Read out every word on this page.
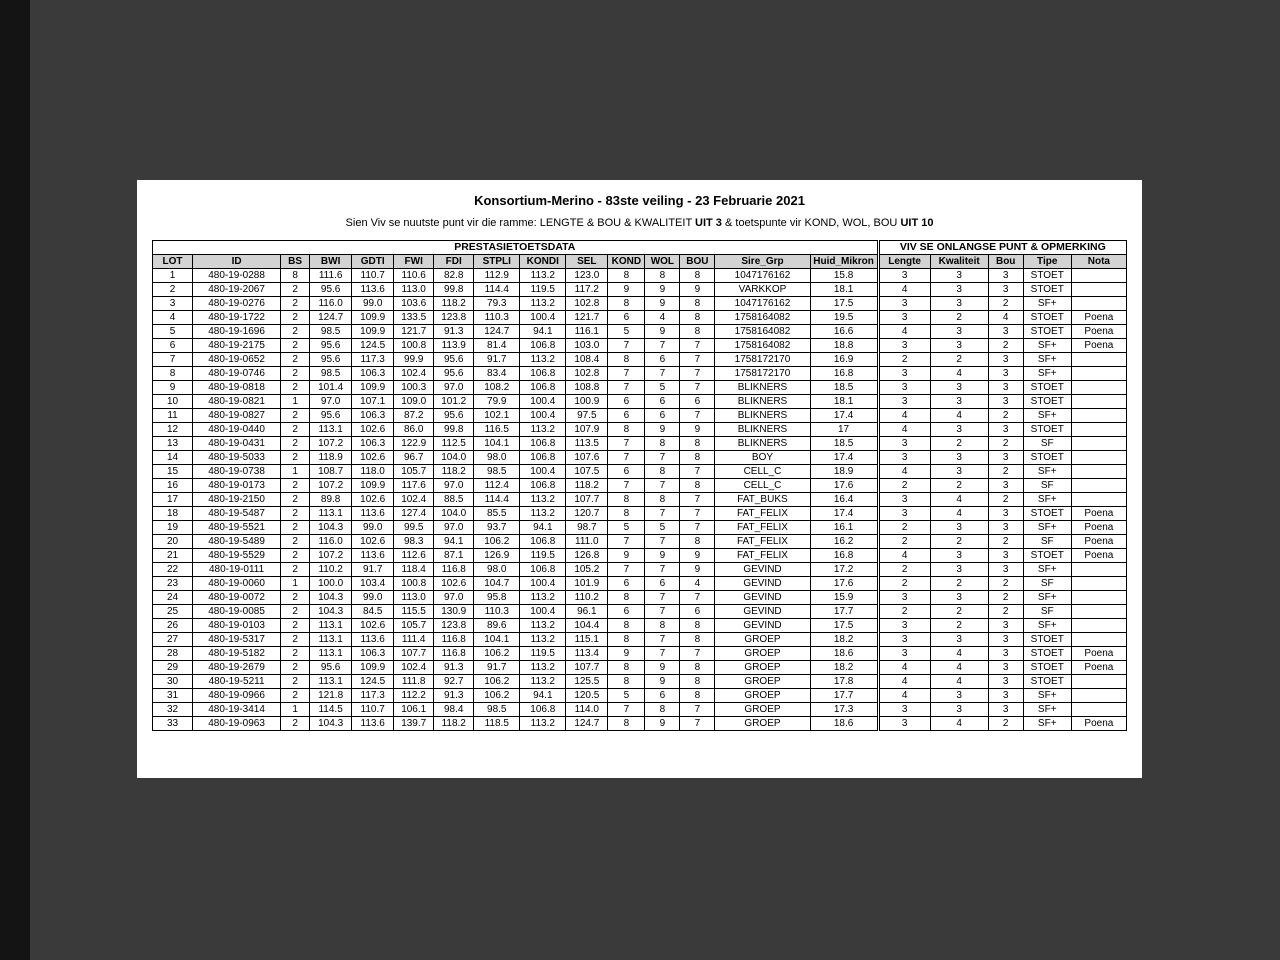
Konsortium-Merino - 83ste veiling - 23 Februarie 2021
Sien Viv se nuutste punt vir die ramme: LENGTE & BOU & KWALITEIT UIT 3 & toetspunte vir KOND, WOL, BOU UIT 10
PRESTASIETOETSDATA															VIV SE ONLANGSE PUNT & OPMERKING				
LOT	ID	BS	BWI	GDTI	FWI	FDI	STPLI	KONDI	SEL	KOND	WOL	BOU	Sire_Grp	Huid_Mikron	Lengte	Kwaliteit	Bou	Tipe	Nota
1	480-19-0288	8	111.6	110.7	110.6	82.8	112.9	113.2	123.0	8	8	8	1047176162	15.8	3	3	3	STOET	
2	480-19-2067	2	95.6	113.6	113.0	99.8	114.4	119.5	117.2	9	9	9	VARKKOP	18.1	4	3	3	STOET	
3	480-19-0276	2	116.0	99.0	103.6	118.2	79.3	113.2	102.8	8	9	8	1047176162	17.5	3	3	2	SF+	
4	480-19-1722	2	124.7	109.9	133.5	123.8	110.3	100.4	121.7	6	4	8	1758164082	19.5	3	2	4	STOET	Poena
5	480-19-1696	2	98.5	109.9	121.7	91.3	124.7	94.1	116.1	5	9	8	1758164082	16.6	4	3	3	STOET	Poena
6	480-19-2175	2	95.6	124.5	100.8	113.9	81.4	106.8	103.0	7	7	7	1758164082	18.8	3	3	2	SF+	Poena
7	480-19-0652	2	95.6	117.3	99.9	95.6	91.7	113.2	108.4	8	6	7	1758172170	16.9	2	2	3	SF+	
8	480-19-0746	2	98.5	106.3	102.4	95.6	83.4	106.8	102.8	7	7	7	1758172170	16.8	3	4	3	SF+	
9	480-19-0818	2	101.4	109.9	100.3	97.0	108.2	106.8	108.8	7	5	7	BLIKNERS	18.5	3	3	3	STOET	
10	480-19-0821	1	97.0	107.1	109.0	101.2	79.9	100.4	100.9	6	6	6	BLIKNERS	18.1	3	3	3	STOET	
11	480-19-0827	2	95.6	106.3	87.2	95.6	102.1	100.4	97.5	6	6	7	BLIKNERS	17.4	4	4	2	SF+	
12	480-19-0440	2	113.1	102.6	86.0	99.8	116.5	113.2	107.9	8	9	9	BLIKNERS	17	4	3	3	STOET	
13	480-19-0431	2	107.2	106.3	122.9	112.5	104.1	106.8	113.5	7	8	8	BLIKNERS	18.5	3	2	2	SF	
14	480-19-5033	2	118.9	102.6	96.7	104.0	98.0	106.8	107.6	7	7	8	BOY	17.4	3	3	3	STOET	
15	480-19-0738	1	108.7	118.0	105.7	118.2	98.5	100.4	107.5	6	8	7	CELL_C	18.9	4	3	2	SF+	
16	480-19-0173	2	107.2	109.9	117.6	97.0	112.4	106.8	118.2	7	7	8	CELL_C	17.6	2	2	3	SF	
17	480-19-2150	2	89.8	102.6	102.4	88.5	114.4	113.2	107.7	8	8	7	FAT_BUKS	16.4	3	4	2	SF+	
18	480-19-5487	2	113.1	113.6	127.4	104.0	85.5	113.2	120.7	8	7	7	FAT_FELIX	17.4	3	4	3	STOET	Poena
19	480-19-5521	2	104.3	99.0	99.5	97.0	93.7	94.1	98.7	5	5	7	FAT_FELIX	16.1	2	3	3	SF+	Poena
20	480-19-5489	2	116.0	102.6	98.3	94.1	106.2	106.8	111.0	7	7	8	FAT_FELIX	16.2	2	2	2	SF	Poena
21	480-19-5529	2	107.2	113.6	112.6	87.1	126.9	119.5	126.8	9	9	9	FAT_FELIX	16.8	4	3	3	STOET	Poena
22	480-19-0111	2	110.2	91.7	118.4	116.8	98.0	106.8	105.2	7	7	9	GEVIND	17.2	2	3	3	SF+	
23	480-19-0060	1	100.0	103.4	100.8	102.6	104.7	100.4	101.9	6	6	4	GEVIND	17.6	2	2	2	SF	
24	480-19-0072	2	104.3	99.0	113.0	97.0	95.8	113.2	110.2	8	7	7	GEVIND	15.9	3	3	2	SF+	
25	480-19-0085	2	104.3	84.5	115.5	130.9	110.3	100.4	96.1	6	7	6	GEVIND	17.7	2	2	2	SF	
26	480-19-0103	2	113.1	102.6	105.7	123.8	89.6	113.2	104.4	8	8	8	GEVIND	17.5	3	2	3	SF+	
27	480-19-5317	2	113.1	113.6	111.4	116.8	104.1	113.2	115.1	8	7	8	GROEP	18.2	3	3	3	STOET	
28	480-19-5182	2	113.1	106.3	107.7	116.8	106.2	119.5	113.4	9	7	7	GROEP	18.6	3	4	3	STOET	Poena
29	480-19-2679	2	95.6	109.9	102.4	91.3	91.7	113.2	107.7	8	9	8	GROEP	18.2	4	4	3	STOET	Poena
30	480-19-5211	2	113.1	124.5	111.8	92.7	106.2	113.2	125.5	8	9	8	GROEP	17.8	4	4	3	STOET	
31	480-19-0966	2	121.8	117.3	112.2	91.3	106.2	94.1	120.5	5	6	8	GROEP	17.7	4	3	3	SF+	
32	480-19-3414	1	114.5	110.7	106.1	98.4	98.5	106.8	114.0	7	8	7	GROEP	17.3	3	3	3	SF+	
33	480-19-0963	2	104.3	113.6	139.7	118.2	118.5	113.2	124.7	8	9	7	GROEP	18.6	3	4	2	SF+	Poena
